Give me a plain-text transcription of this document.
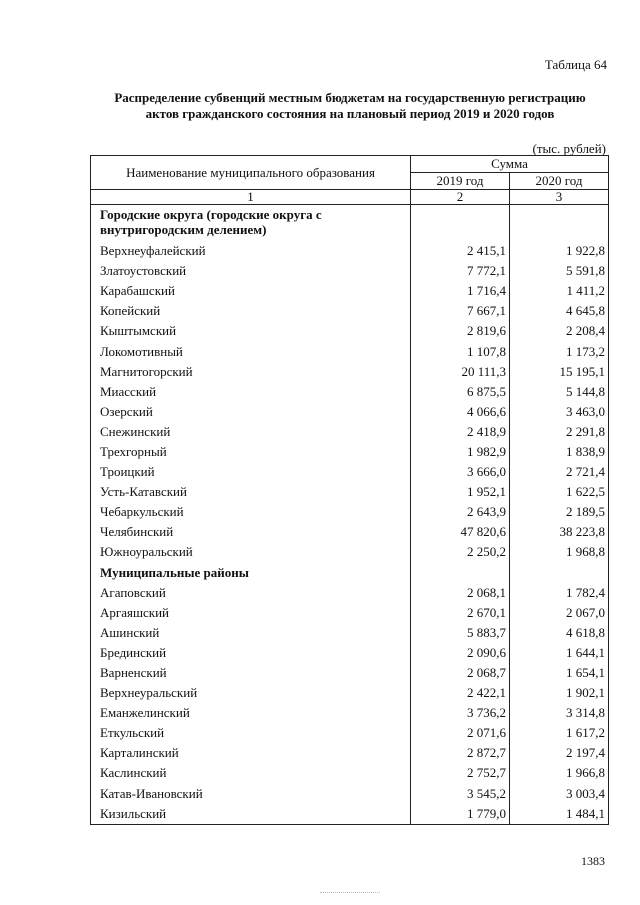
Таблица 64
Распределение субвенций местным бюджетам на государственную регистрацию
актов гражданского состояния на плановый период 2019 и 2020 годов
(тыс. рублей)
Наименование муниципального образования	Сумма	
	2019 год	2020 год
1	2	3
Городские округа (городские округа с внутригородским делением)		
Верхнеуфалейский	2 415,1	1 922,8
Златоустовский	7 772,1	5 591,8
Карабашский	1 716,4	1 411,2
Копейский	7 667,1	4 645,8
Кыштымский	2 819,6	2 208,4
Локомотивный	1 107,8	1 173,2
Магнитогорский	20 111,3	15 195,1
Миасский	6 875,5	5 144,8
Озерский	4 066,6	3 463,0
Снежинский	2 418,9	2 291,8
Трехгорный	1 982,9	1 838,9
Троицкий	3 666,0	2 721,4
Усть-Катавский	1 952,1	1 622,5
Чебаркульский	2 643,9	2 189,5
Челябинский	47 820,6	38 223,8
Южноуральский	2 250,2	1 968,8
Муниципальные районы		
Агаповский	2 068,1	1 782,4
Аргаяшский	2 670,1	2 067,0
Ашинский	5 883,7	4 618,8
Брединский	2 090,6	1 644,1
Варненский	2 068,7	1 654,1
Верхнеуральский	2 422,1	1 902,1
Еманжелинский	3 736,2	3 314,8
Еткульский	2 071,6	1 617,2
Карталинский	2 872,7	2 197,4
Каслинский	2 752,7	1 966,8
Катав-Ивановский	3 545,2	3 003,4
Кизильский	1 779,0	1 484,1
1383
